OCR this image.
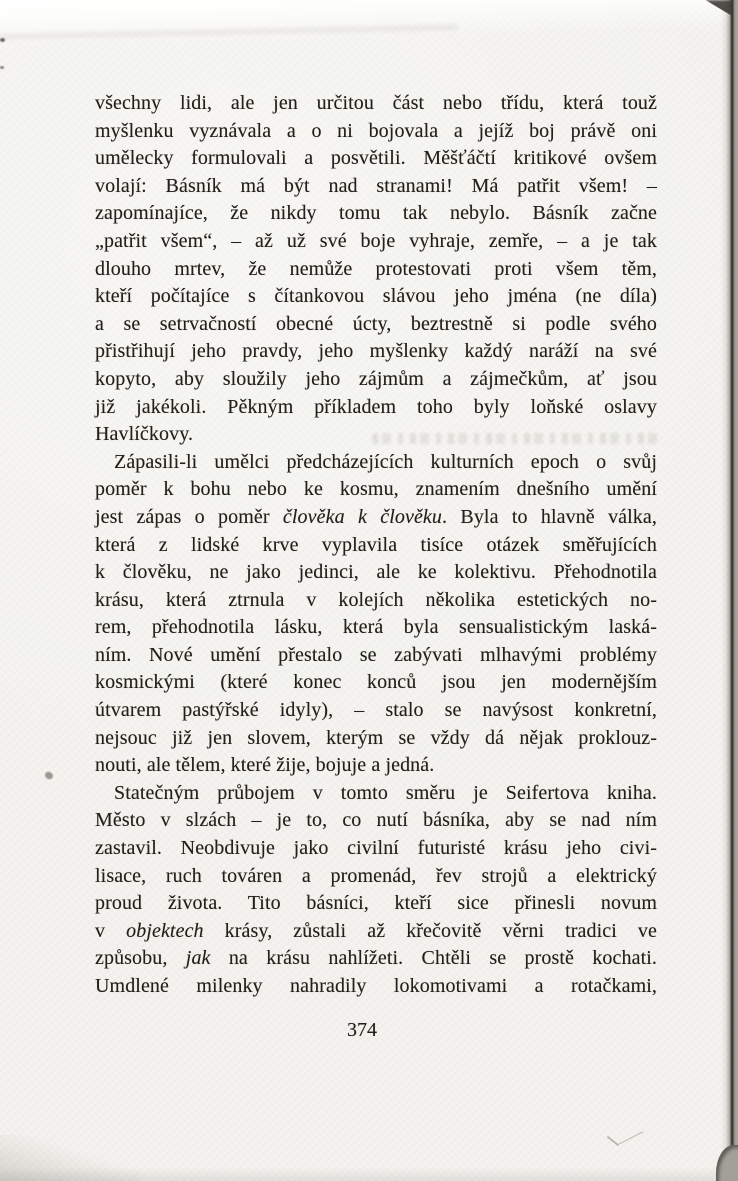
všechny lidi, ale jen určitou část nebo třídu, která touž
myšlenku vyznávala a o ni bojovala a jejíž boj právě oni
umělecky formulovali a posvětili. Měšťáčtí kritikové ovšem
volají: Básník má být nad stranami! Má patřit všem! –
zapomínajíce, že nikdy tomu tak nebylo. Básník začne
„patřit všem“, – až už své boje vyhraje, zemře, – a je tak
dlouho mrtev, že nemůže protestovati proti všem těm,
kteří počítajíce s čítankovou slávou jeho jména (ne díla)
a se setrvačností obecné úcty, beztrestně si podle svého
přistřihují jeho pravdy, jeho myšlenky každý naráží na své
kopyto, aby sloužily jeho zájmům a zájmečkům, ať jsou
již jakékoli. Pěkným příkladem toho byly loňské oslavy
Havlíčkovy.
Zápasili-li umělci předcházejících kulturních epoch o svůj
poměr k bohu nebo ke kosmu, znamením dnešního umění
jest zápas o poměr člověka k člověku. Byla to hlavně válka,
která z lidské krve vyplavila tisíce otázek směřujících
k člověku, ne jako jedinci, ale ke kolektivu. Přehodnotila
krásu, která ztrnula v kolejích několika estetických no-
rem, přehodnotila lásku, která byla sensualistickým laská-
ním. Nové umění přestalo se zabývati mlhavými problémy
kosmickými (které konec konců jsou jen modernějším
útvarem pastýřské idyly), – stalo se navýsost konkretní,
nejsouc již jen slovem, kterým se vždy dá nějak proklouz-
nouti, ale tělem, které žije, bojuje a jedná.
Statečným průbojem v tomto směru je Seifertova kniha.
Město v slzách – je to, co nutí básníka, aby se nad ním
zastavil. Neobdivuje jako civilní futuristé krásu jeho civi-
lisace, ruch továren a promenád, řev strojů a elektrický
proud života. Tito básníci, kteří sice přinesli novum
v objektech krásy, zůstali až křečovitě věrni tradici ve
způsobu, jak na krásu nahlížeti. Chtěli se prostě kochati.
Umdlené milenky nahradily lokomotivami a rotačkami,
374
